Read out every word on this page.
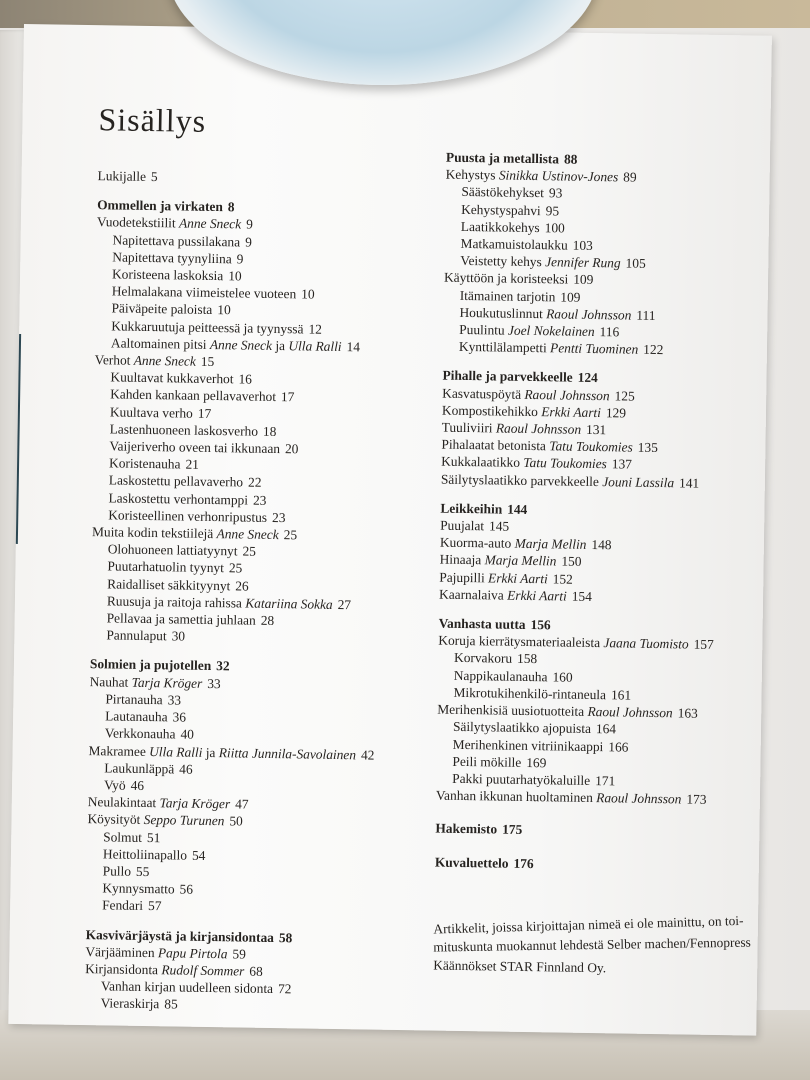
Sisällys
Lukijalle 5
Ommellen ja virkaten 8
Vuodetekstiilit Anne Sneck 9
Napitettava pussilakana 9
Napitettava tyynyliina 9
Koristeena laskoksia 10
Helmalakana viimeistelee vuoteen 10
Päiväpeite paloista 10
Kukkaruutuja peitteessä ja tyynyssä 12
Aaltomainen pitsi Anne Sneck ja Ulla Ralli 14
Verhot Anne Sneck 15
Kuultavat kukkaverhot 16
Kahden kankaan pellavaverhot 17
Kuultava verho 17
Lastenhuoneen laskosverho 18
Vaijeriverho oveen tai ikkunaan 20
Koristenauha 21
Laskostettu pellavaverho 22
Laskostettu verhontamppi 23
Koristeellinen verhonripustus 23
Muita kodin tekstiilejä Anne Sneck 25
Olohuoneen lattiatyynyt 25
Puutarhatuolin tyynyt 25
Raidalliset säkkityynyt 26
Ruusuja ja raitoja rahissa Katariina Sokka 27
Pellavaa ja samettia juhlaan 28
Pannulaput 30
Solmien ja pujotellen 32
Nauhat Tarja Kröger 33
Pirtanauha 33
Lautanauha 36
Verkkonauha 40
Makramee Ulla Ralli ja Riitta Junnila-Savolainen 42
Laukunläppä 46
Vyö 46
Neulakintaat Tarja Kröger 47
Köysityöt Seppo Turunen 50
Solmut 51
Heittoliinapallo 54
Pullo 55
Kynnysmatto 56
Fendari 57
Kasvivärjäystä ja kirjansidontaa 58
Värjääminen Papu Pirtola 59
Kirjansidonta Rudolf Sommer 68
Vanhan kirjan uudelleen sidonta 72
Vieraskirja 85
Puusta ja metallista 88
Kehystys Sinikka Ustinov-Jones 89
Säästökehykset 93
Kehystyspahvi 95
Laatikkokehys 100
Matkamuistolaukku 103
Veistetty kehys Jennifer Rung 105
Käyttöön ja koristeeksi 109
Itämainen tarjotin 109
Houkutuslinnut Raoul Johnsson 111
Puulintu Joel Nokelainen 116
Kynttilälampetti Pentti Tuominen 122
Pihalle ja parvekkeelle 124
Kasvatuspöytä Raoul Johnsson 125
Kompostikehikko Erkki Aarti 129
Tuuliviiri Raoul Johnsson 131
Pihalaatat betonista Tatu Toukomies 135
Kukkalaatikko Tatu Toukomies 137
Säilytyslaatikko parvekkeelle Jouni Lassila 141
Leikkeihin 144
Puujalat 145
Kuorma-auto Marja Mellin 148
Hinaaja Marja Mellin 150
Pajupilli Erkki Aarti 152
Kaarnalaiva Erkki Aarti 154
Vanhasta uutta 156
Koruja kierrätysmateriaaleista Jaana Tuomisto 157
Korvakoru 158
Nappikaulanauha 160
Mikrotukihenkilö-rintaneula 161
Merihenkisiä uusiotuotteita Raoul Johnsson 163
Säilytyslaatikko ajopuista 164
Merihenkinen vitriinikaappi 166
Peili mökille 169
Pakki puutarhatyökaluille 171
Vanhan ikkunan huoltaminen Raoul Johnsson 173
Hakemisto 175
Kuvaluettelo 176
Artikkelit, joissa kirjoittajan nimeä ei ole mainittu, on toi-
mituskunta muokannut lehdestä Selber machen/Fennopress
Käännökset STAR Finnland Oy.
